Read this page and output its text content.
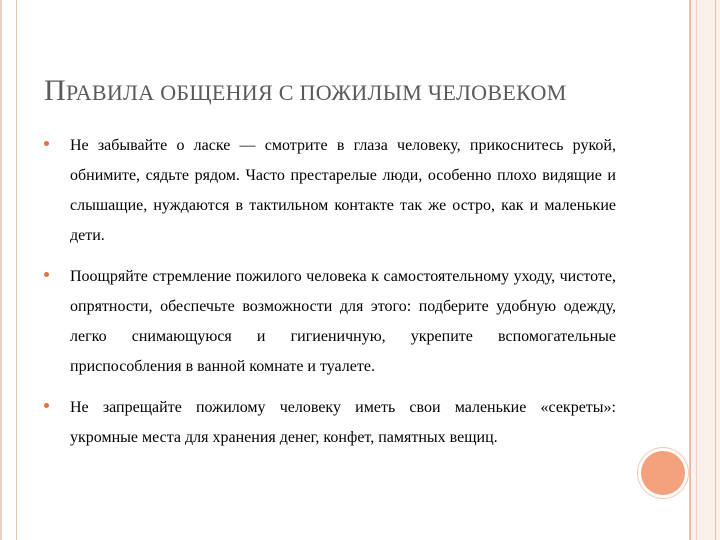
ПРАВИЛА ОБЩЕНИЯ С ПОЖИЛЫМ ЧЕЛОВЕКОМ
Не забывайте о ласке — смотрите в глаза человеку, прикоснитесь рукой, обнимите, сядьте рядом. Часто престарелые люди, особенно плохо видящие и слышащие, нуждаются в тактильном контакте так же остро, как и маленькие дети.
Поощряйте стремление пожилого человека к самостоятельному уходу, чистоте, опрятности, обеспечьте возможности для этого: подберите удобную одежду, легко снимающуюся и гигиеничную, укрепите вспомогательные приспособления в ванной комнате и туалете.
Не запрещайте пожилому человеку иметь свои маленькие «секреты»: укромные места для хранения денег, конфет, памятных вещиц.
